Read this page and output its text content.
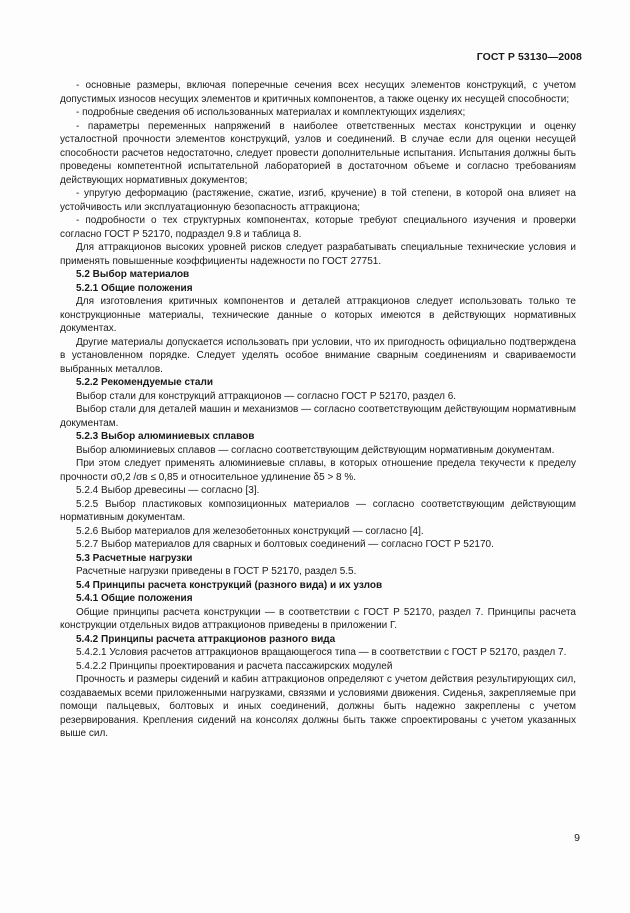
ГОСТ Р 53130—2008

- основные размеры, включая поперечные сечения всех несущих элементов конструкций, с учетом допустимых износов несущих элементов и критичных компонентов, а также оценку их несущей способности;

- подробные сведения об использованных материалах и комплектующих изделиях;

- параметры переменных напряжений в наиболее ответственных местах конструкции и оценку усталостной прочности элементов конструкций, узлов и соединений. В случае если для оценки несущей способности расчетов недостаточно, следует провести дополнительные испытания. Испытания должны быть проведены компетентной испытательной лабораторией в достаточном объеме и согласно требованиям действующих нормативных документов;

- упругую деформацию (растяжение, сжатие, изгиб, кручение) в той степени, в которой она влияет на устойчивость или эксплуатационную безопасность аттракциона;

- подробности о тех структурных компонентах, которые требуют специального изучения и проверки согласно ГОСТ Р 52170, подраздел 9.8 и таблица 8.

Для аттракционов высоких уровней рисков следует разрабатывать специальные технические условия и применять повышенные коэффициенты надежности по ГОСТ 27751.

5.2 Выбор материалов

5.2.1 Общие положения

Для изготовления критичных компонентов и деталей аттракционов следует использовать только те конструкционные материалы, технические данные о которых имеются в действующих нормативных документах.

Другие материалы допускается использовать при условии, что их пригодность официально подтверждена в установленном порядке. Следует уделять особое внимание сварным соединениям и свариваемости выбранных металлов.

5.2.2 Рекомендуемые стали

Выбор стали для конструкций аттракционов — согласно ГОСТ Р 52170, раздел 6.

Выбор стали для деталей машин и механизмов — согласно соответствующим действующим нормативным документам.

5.2.3 Выбор алюминиевых сплавов

Выбор алюминиевых сплавов — согласно соответствующим действующим нормативным документам.

При этом следует применять алюминиевые сплавы, в которых отношение предела текучести к пределу прочности σ0,2 /σв ≤ 0,85 и относительное удлинение δ5 > 8 %.

5.2.4 Выбор древесины — согласно [3].

5.2.5 Выбор пластиковых композиционных материалов — согласно соответствующим действующим нормативным документам.

5.2.6 Выбор материалов для железобетонных конструкций — согласно [4].

5.2.7 Выбор материалов для сварных и болтовых соединений — согласно ГОСТ Р 52170.

5.3 Расчетные нагрузки

Расчетные нагрузки приведены в ГОСТ Р 52170, раздел 5.5.

5.4 Принципы расчета конструкций (разного вида) и их узлов

5.4.1 Общие положения

Общие принципы расчета конструкции — в соответствии с ГОСТ Р 52170, раздел 7. Принципы расчета конструкции отдельных видов аттракционов приведены в приложении Г.

5.4.2 Принципы расчета аттракционов разного вида

5.4.2.1 Условия расчетов аттракционов вращающегося типа — в соответствии с ГОСТ Р 52170, раздел 7.

5.4.2.2 Принципы проектирования и расчета пассажирских модулей

Прочность и размеры сидений и кабин аттракционов определяют с учетом действия результирующих сил, создаваемых всеми приложенными нагрузками, связями и условиями движения. Сиденья, закрепляемые при помощи пальцевых, болтовых и иных соединений, должны быть надежно закреплены с учетом резервирования. Крепления сидений на консолях должны быть также спроектированы с учетом указанных выше сил.

9
